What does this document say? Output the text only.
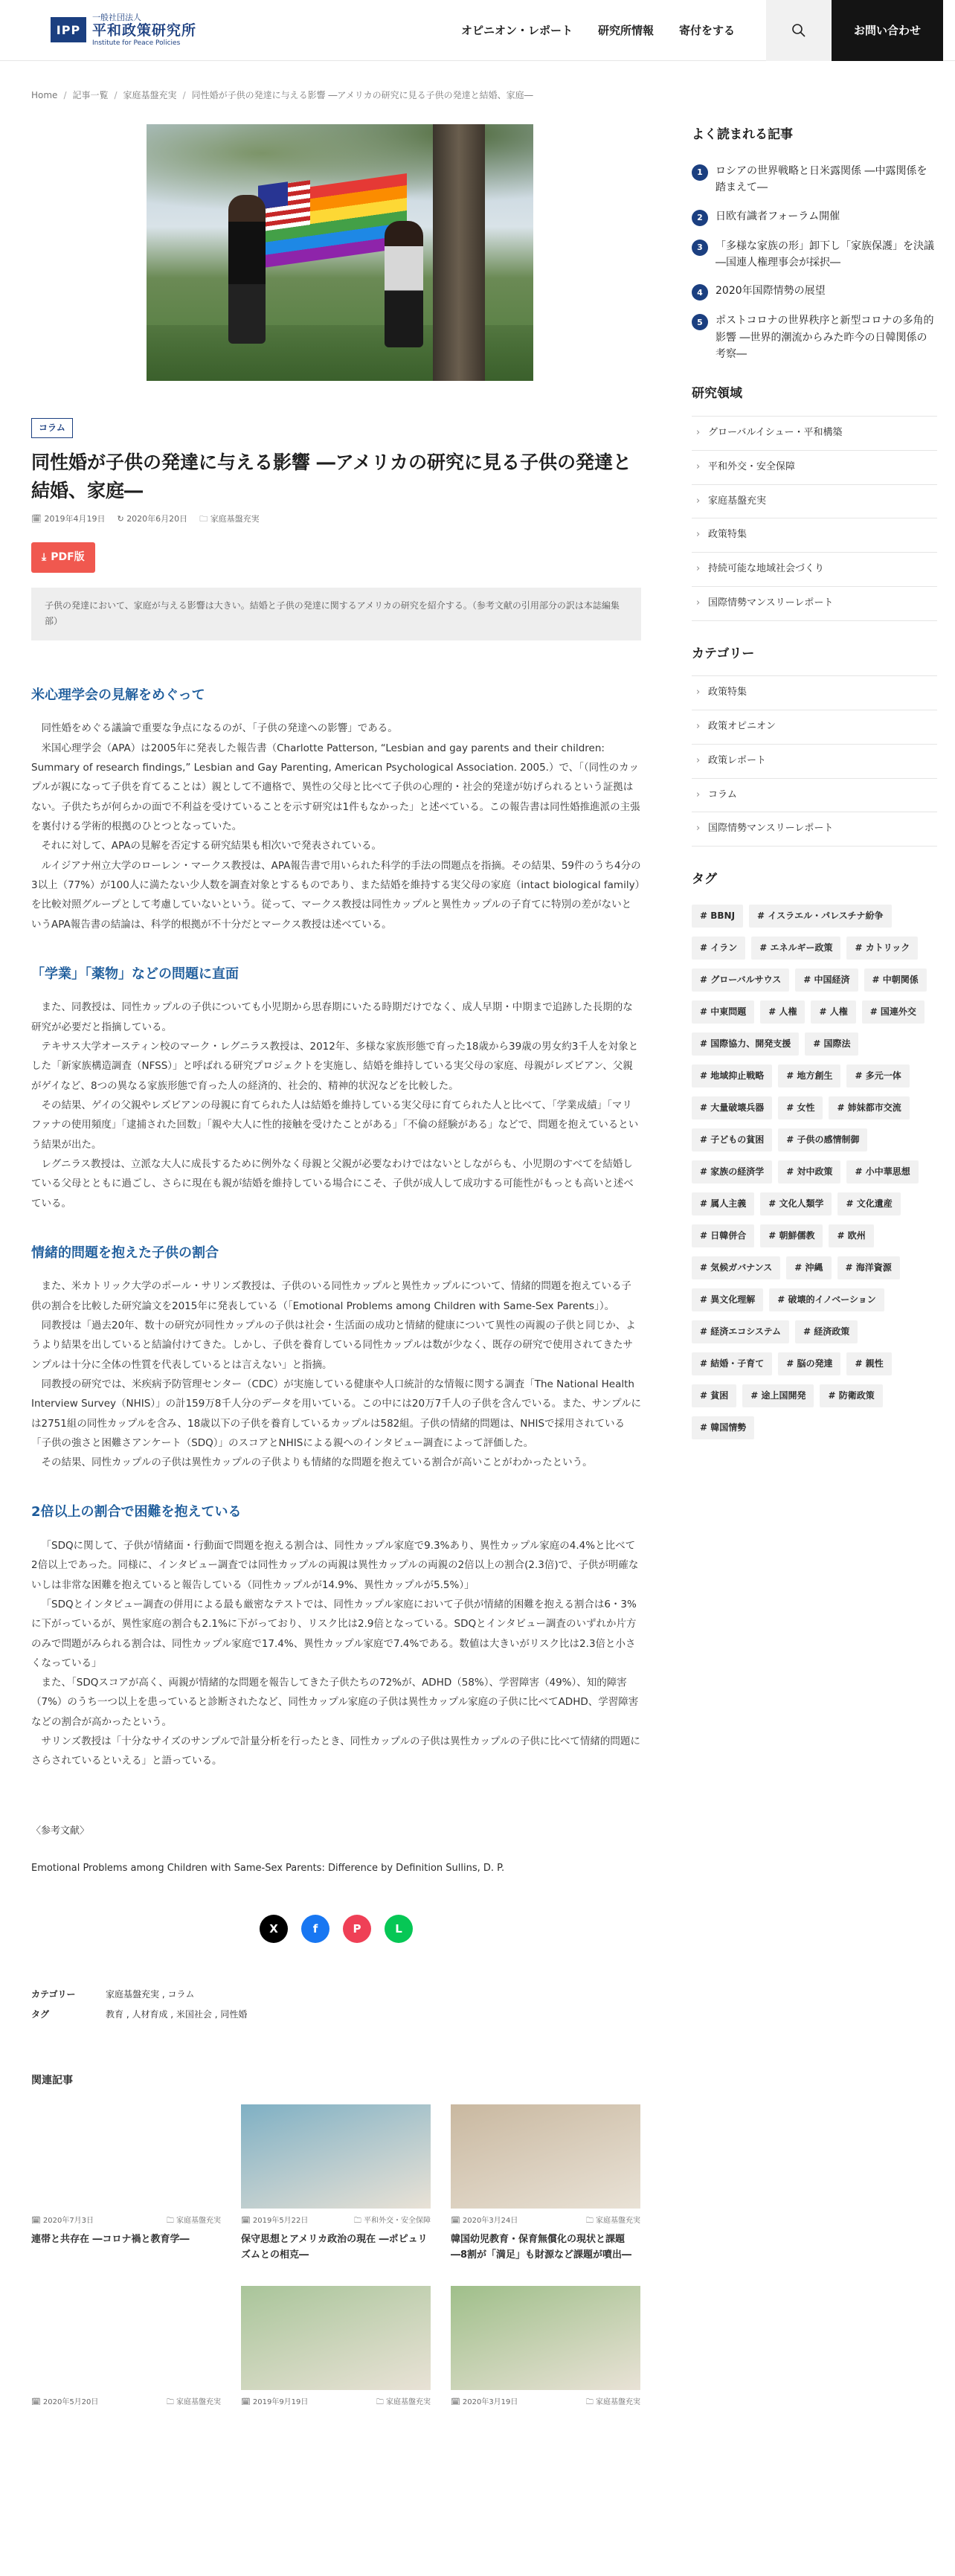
IPP
一般社団法人
平和政策研究所
Institute for Peace Policies
オピニオン・レポート 研究所情報 寄付をする	お問い合わせ
Home / 記事一覧 / 家庭基盤充実 / 同性婚が子供の発達に与える影響 ―アメリカの研究に見る子供の発達と結婚、家庭―
コラム
同性婚が子供の発達に与える影響 ―アメリカの研究に見る子供の発達と結婚、家庭―
🗓 2019年4月19日 ↻ 2020年6月20日 🗀 家庭基盤充実
⤓ PDF版
子供の発達において、家庭が与える影響は大きい。結婚と子供の発達に関するアメリカの研究を紹介する。（参考文献の引用部分の訳は本誌編集部）
米心理学会の見解をめぐって

同性婚をめぐる議論で重要な争点になるのが、「子供の発達への影響」である。

米国心理学会（APA）は2005年に発表した報告書（Charlotte Patterson, “Lesbian and gay parents and their children: Summary of research findings,” Lesbian and Gay Parenting, American Psychological Association. 2005.）で、「（同性のカップルが親になって子供を育てることは）親として不適格で、異性の父母と比べて子供の心理的・社会的発達が妨げられるという証拠はない。子供たちが何らかの面で不利益を受けていることを示す研究は1件もなかった」と述べている。この報告書は同性婚推進派の主張を裏付ける学術的根拠のひとつとなっていた。

それに対して、APAの見解を否定する研究結果も相次いで発表されている。

ルイジアナ州立大学のローレン・マークス教授は、APA報告書で用いられた科学的手法の問題点を指摘。その結果、59件のうち4分の3以上（77%）が100人に満たない少人数を調査対象とするものであり、また結婚を維持する実父母の家庭（intact biological family）を比較対照グループとして考慮していないという。従って、マークス教授は同性カップルと異性カップルの子育てに特別の差がないというAPA報告書の結論は、科学的根拠が不十分だとマークス教授は述べている。

「学業」「薬物」などの問題に直面

また、同教授は、同性カップルの子供についても小児期から思春期にいたる時期だけでなく、成人早期・中期まで追跡した長期的な研究が必要だと指摘している。

テキサス大学オースティン校のマーク・レグニラス教授は、2012年、多様な家族形態で育った18歳から39歳の男女約3千人を対象とした「新家族構造調査（NFSS）」と呼ばれる研究プロジェクトを実施し、結婚を維持している実父母の家庭、母親がレズビアン、父親がゲイなど、8つの異なる家族形態で育った人の経済的、社会的、精神的状況などを比較した。

その結果、ゲイの父親やレズビアンの母親に育てられた人は結婚を維持している実父母に育てられた人と比べて、「学業成績」「マリファナの使用頻度」「逮捕された回数」「親や大人に性的接触を受けたことがある」「不倫の経験がある」などで、問題を抱えているという結果が出た。

レグニラス教授は、立派な大人に成長するために例外なく母親と父親が必要なわけではないとしながらも、小児期のすべてを結婚している父母とともに過ごし、さらに現在も親が結婚を維持している場合にこそ、子供が成人して成功する可能性がもっとも高いと述べている。

情緒的問題を抱えた子供の割合

また、米カトリック大学のポール・サリンズ教授は、子供のいる同性カップルと異性カップルについて、情緒的問題を抱えている子供の割合を比較した研究論文を2015年に発表している（「Emotional Problems among Children with Same-Sex Parents」）。

同教授は「過去20年、数十の研究が同性カップルの子供は社会・生活面の成功と情緒的健康について異性の両親の子供と同じか、ようより結果を出していると結論付けてきた。しかし、子供を養育している同性カップルは数が少なく、既存の研究で使用されてきたサンプルは十分に全体の性質を代表しているとは言えない」と指摘。

同教授の研究では、米疾病予防管理センター（CDC）が実施している健康や人口統計的な情報に関する調査「The National Health Interview Survey（NHIS）」の計159万8千人分のデータを用いている。この中には20万7千人の子供を含んでいる。また、サンプルには2751組の同性カップルを含み、18歳以下の子供を養育しているカップルは582組。子供の情緒的問題は、NHISで採用されている「子供の強さと困難さアンケート（SDQ）」のスコアとNHISによる親へのインタビュー調査によって評価した。

その結果、同性カップルの子供は異性カップルの子供よりも情緒的な問題を抱えている割合が高いことがわかったという。

2倍以上の割合で困難を抱えている

「SDQに関して、子供が情緒面・行動面で問題を抱える割合は、同性カップル家庭で9.3%あり、異性カップル家庭の4.4%と比べて2倍以上であった。同様に、インタビュー調査では同性カップルの両親は異性カップルの両親の2倍以上の割合(2.3倍)で、子供が明確ないしは非常な困難を抱えていると報告している（同性カップルが14.9%、異性カップルが5.5%）」

「SDQとインタビュー調査の併用による最も厳密なテストでは、同性カップル家庭において子供が情緒的困難を抱える割合は6・3%に下がっているが、異性家庭の割合も2.1%に下がっており、リスク比は2.9倍となっている。SDQとインタビュー調査のいずれか片方のみで問題がみられる割合は、同性カップル家庭で17.4%、異性カップル家庭で7.4%である。数値は大きいがリスク比は2.3倍と小さくなっている」

また、「SDQスコアが高く、両親が情緒的な問題を報告してきた子供たちの72%が、ADHD（58%）、学習障害（49%）、知的障害（7%）のうち一つ以上を患っていると診断されたなど、同性カップル家庭の子供は異性カップル家庭の子供に比べてADHD、学習障害などの割合が高かったという。

サリンズ教授は「十分なサイズのサンプルで計量分析を行ったとき、同性カップルの子供は異性カップルの子供に比べて情緒的問題にさらされているといえる」と語っている。

〈参考文献〉
Emotional Problems among Children with Same-Sex Parents: Difference by Definition Sullins, D. P.
X	f	P	L
カテゴリー	家庭基盤充実 , コラム
タグ	教育 , 人材育成 , 米国社会 , 同性婚
関連記事
🗓 2020年7月3日	🗀 家庭基盤充実
連帯と共存在 ―コロナ禍と教育学―
🗓 2019年5月22日	🗀 平和外交・安全保障
保守思想とアメリカ政治の現在 ―ポピュリズムとの相克―
🗓 2020年3月24日	🗀 家庭基盤充実
韓国幼児教育・保育無償化の現状と課題 ―8割が「満足」も財源など課題が噴出―
🗓 2020年5月20日	🗀 家庭基盤充実	🗓 2019年9月19日	🗀 家庭基盤充実	🗓 2020年3月19日	🗀 家庭基盤充実
よく読まれる記事
1	ロシアの世界戦略と日米露関係 ―中露関係を踏まえて―
2	日欧有識者フォーラム開催
3	「多様な家族の形」卸下し「家族保護」を決議 ―国連人権理事会が採択―
4	2020年国際情勢の展望
5	ポストコロナの世界秩序と新型コロナの多角的影響 ―世界的潮流からみた昨今の日韓関係の考察―
研究領域
› グローバルイシュー・平和構築
› 平和外交・安全保障
› 家庭基盤充実
› 政策特集
› 持続可能な地域社会づくり
› 国際情勢マンスリーレポート
カテゴリー
› 政策特集
› 政策オピニオン
› 政策レポート
› コラム
› 国際情勢マンスリーレポート
タグ
# BBNJ	# イスラエル・パレスチナ紛争
# イラン	# エネルギー政策	# カトリック
# グローバルサウス	# 中国経済	# 中朝関係
# 中東問題	# 人権	# 人権	# 国連外交
# 国際協力、開発支援	# 国際法
# 地域抑止戦略	# 地方創生	# 多元一体
# 大量破壊兵器	# 女性	# 姉妹都市交流
# 子どもの貧困	# 子供の感情制御
# 家族の経済学	# 対中政策	# 小中華思想
# 属人主義	# 文化人類学	# 文化遺産
# 日韓併合	# 朝鮮儒教	# 欧州
# 気候ガバナンス	# 沖縄	# 海洋資源
# 異文化理解	# 破壊的イノベーション
# 経済エコシステム	# 経済政策
# 結婚・子育て	# 脳の発達	# 親性
# 貧困	# 途上国開発	# 防衛政策
# 韓国情勢
